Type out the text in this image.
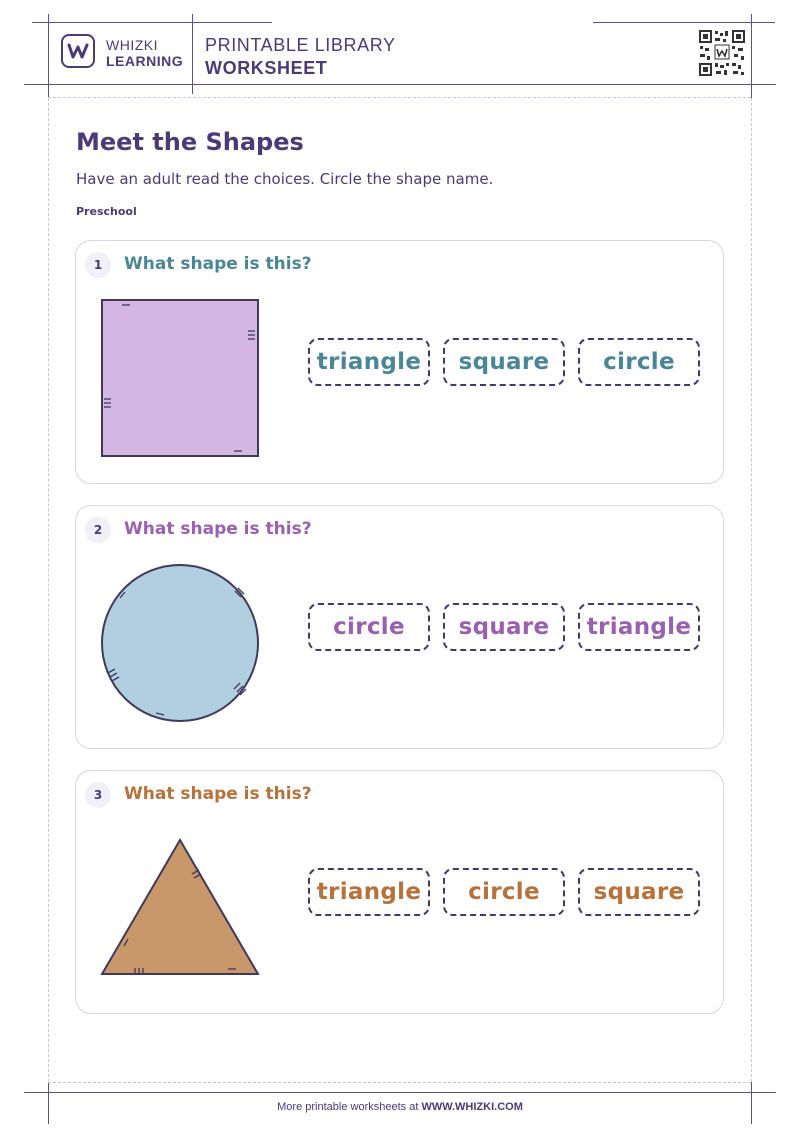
WHIZKI
LEARNING
PRINTABLE LIBRARY
WORKSHEET
Meet the Shapes
Have an adult read the choices. Circle the shape name.
Preschool
1	What shape is this?
triangle	square	circle
2	What shape is this?
circle	square	triangle
3	What shape is this?
triangle	circle	square
More printable worksheets at WWW.WHIZKI.COM
